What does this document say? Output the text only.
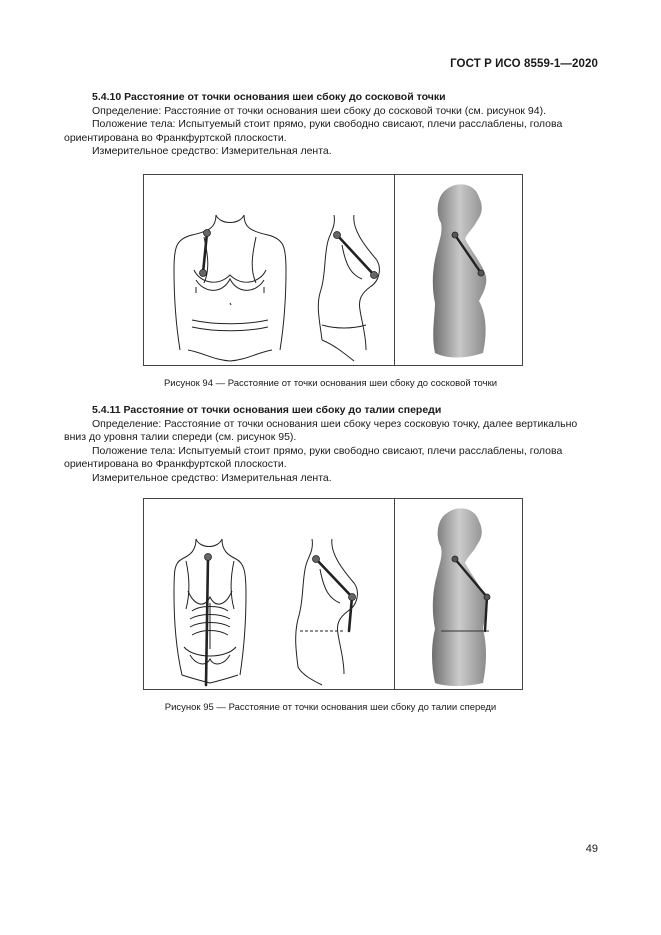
ГОСТ Р ИСО 8559-1—2020

5.4.10 Расстояние от точки основания шеи сбоку до сосковой точки

Определение: Расстояние от точки основания шеи сбоку до сосковой точки (см. рисунок 94).

Положение тела: Испытуемый стоит прямо, руки свободно свисают, плечи расслаблены, голова

ориентирована во Франкфуртской плоскости.

Измерительное средство: Измерительная лента.

Рисунок 94 — Расстояние от точки основания шеи сбоку до сосковой точки

5.4.11 Расстояние от точки основания шеи сбоку до талии спереди

Определение: Расстояние от точки основания шеи сбоку через сосковую точку, далее вертикально

вниз до уровня талии спереди (см. рисунок 95).

Положение тела: Испытуемый стоит прямо, руки свободно свисают, плечи расслаблены, голова

ориентирована во Франкфуртской плоскости.

Измерительное средство: Измерительная лента.

Рисунок 95 — Расстояние от точки основания шеи сбоку до талии спереди
49
